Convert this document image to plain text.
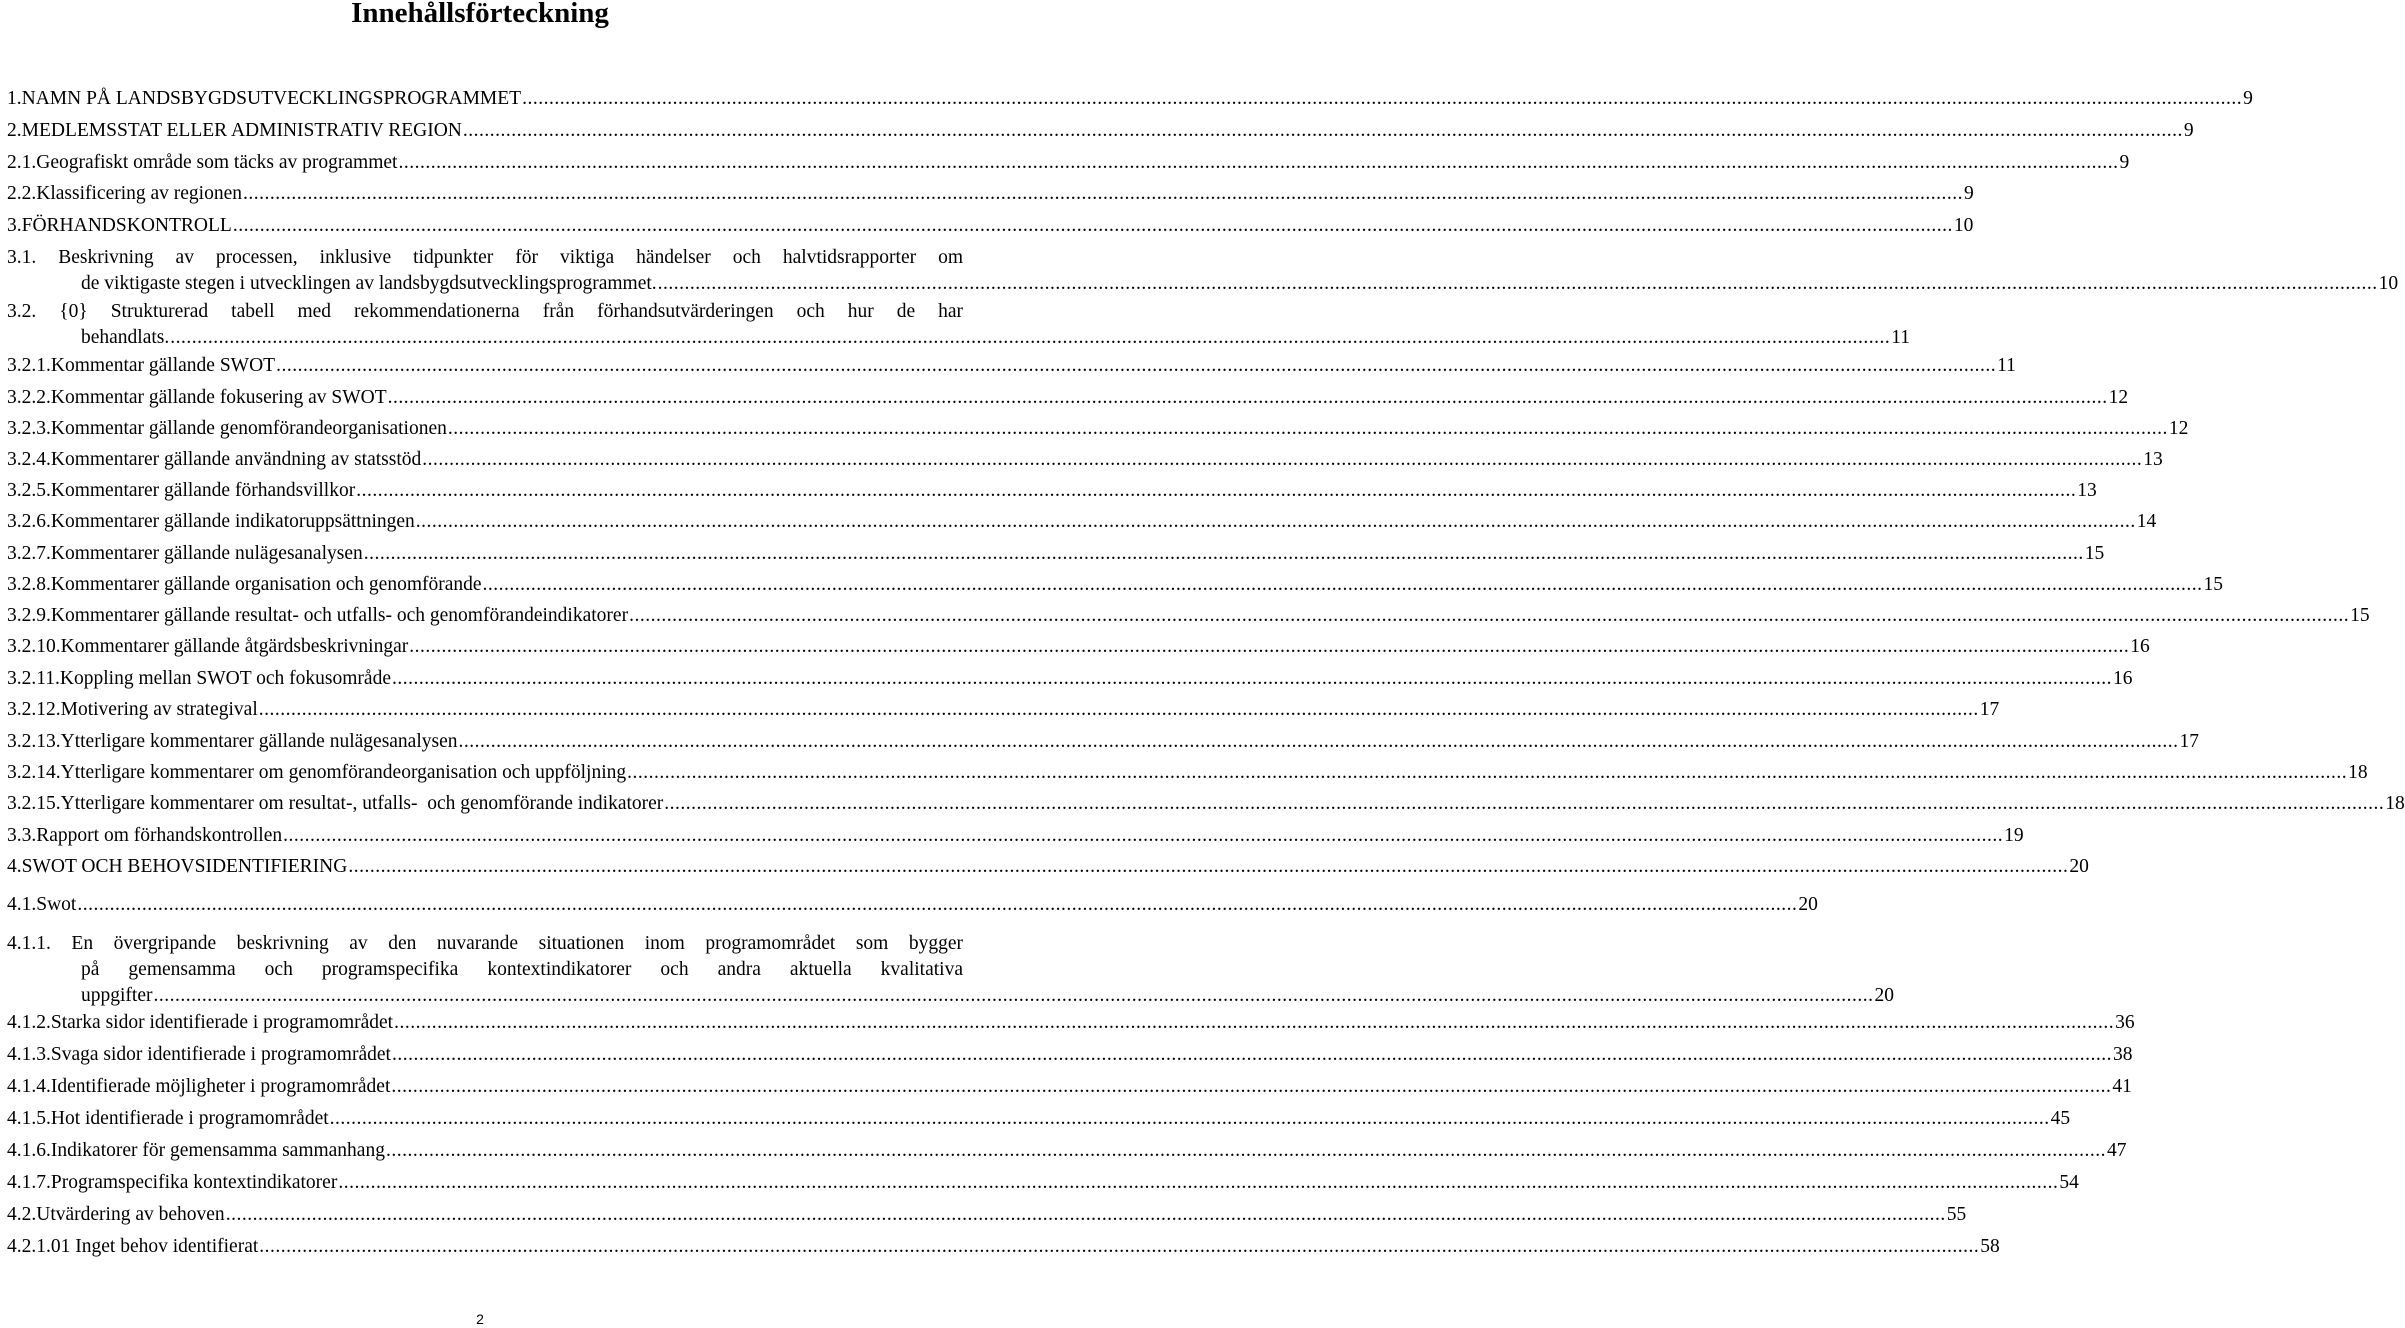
Innehållsförteckning
1. NAMN PÅ LANDSBYGDSUTVECKLINGSPROGRAMMET .....	9
2. MEDLEMSSTAT ELLER ADMINISTRATIV REGION .....	9
2.1. Geografiskt område som täcks av programmet .....	9
2.2. Klassificering av regionen .....	9
3. FÖRHANDSKONTROLL .....	10
3.1. Beskrivning av processen, inklusive tidpunkter för viktiga händelser och halvtidsrapporter om
de viktigaste stegen i utvecklingen av landsbygdsutvecklingsprogrammet. .....	10
3.2. {0} Strukturerad tabell med rekommendationerna från förhandsutvärderingen och hur de har
behandlats. .....	11
3.2.1. Kommentar gällande SWOT .....	11
3.2.2. Kommentar gällande fokusering av SWOT .....	12
3.2.3. Kommentar gällande genomförandeorganisationen .....	12
3.2.4. Kommentarer gällande användning av statsstöd .....	13
3.2.5. Kommentarer gällande förhandsvillkor .....	13
3.2.6. Kommentarer gällande indikatoruppsättningen .....	14
3.2.7. Kommentarer gällande nulägesanalysen .....	15
3.2.8. Kommentarer gällande organisation och genomförande .....	15
3.2.9. Kommentarer gällande resultat- och utfalls- och genomförandeindikatorer .....	15
3.2.10. Kommentarer gällande åtgärdsbeskrivningar .....	16
3.2.11. Koppling mellan SWOT och fokusområde .....	16
3.2.12. Motivering av strategival .....	17
3.2.13. Ytterligare kommentarer gällande nulägesanalysen .....	17
3.2.14. Ytterligare kommentarer om genomförandeorganisation och uppföljning .....	18
3.2.15. Ytterligare kommentarer om resultat-, utfalls-  och genomförande indikatorer .....	18
3.3. Rapport om förhandskontrollen .....	19
4. SWOT OCH BEHOVSIDENTIFIERING .....	20
4.1. Swot .....	20
4.1.1. En övergripande beskrivning av den nuvarande situationen inom programområdet som bygger
på gemensamma och programspecifika kontextindikatorer och andra aktuella kvalitativa
uppgifter .....	20
4.1.2. Starka sidor identifierade i programområdet .....	36
4.1.3. Svaga sidor identifierade i programområdet .....	38
4.1.4. Identifierade möjligheter i programområdet .....	41
4.1.5. Hot identifierade i programområdet .....	45
4.1.6. Indikatorer för gemensamma sammanhang .....	47
4.1.7. Programspecifika kontextindikatorer .....	54
4.2. Utvärdering av behoven .....	55
4.2.1. 01 Inget behov identifierat .....	58
2
